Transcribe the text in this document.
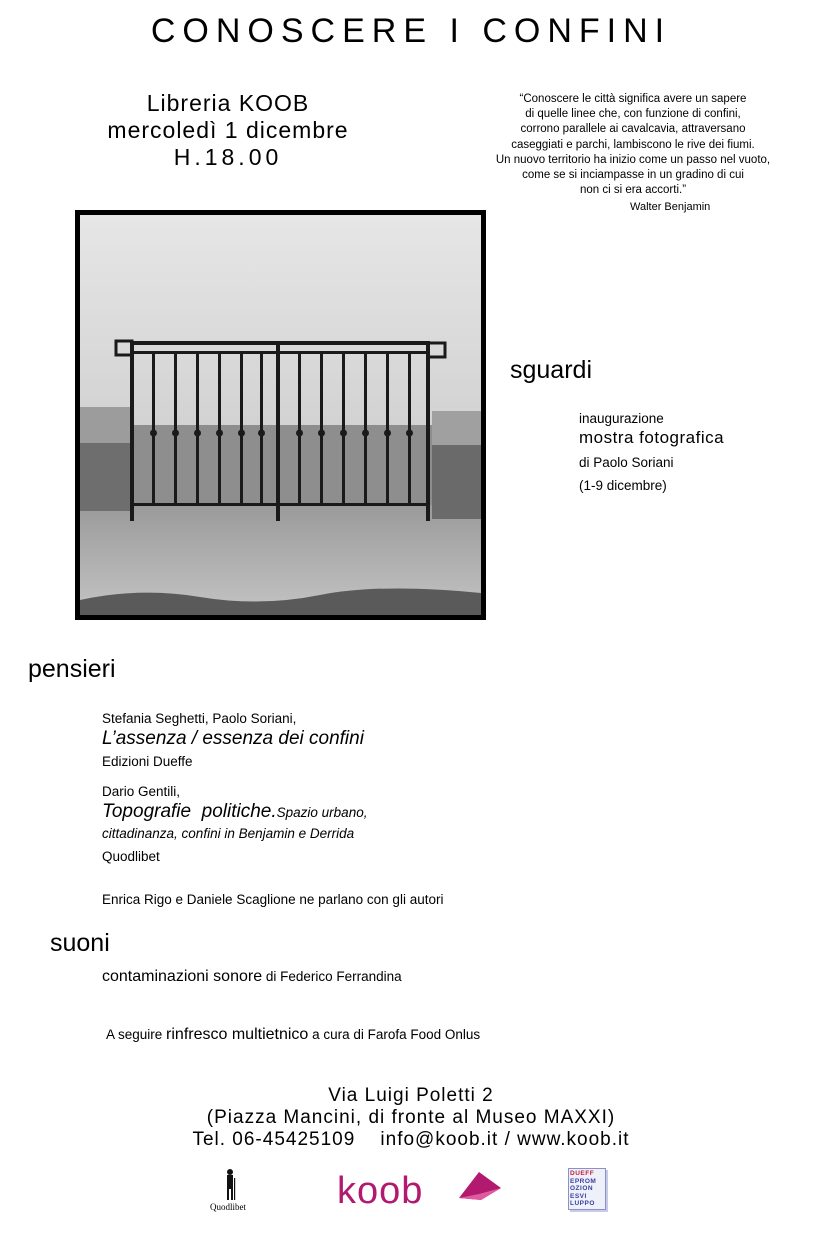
CONOSCERE I CONFINI
Libreria KOOB
mercoledì 1 dicembre
H.18.00
“Conoscere le città significa avere un sapere
di quelle linee che, con funzione di confini,
corrono parallele ai cavalcavia, attraversano
caseggiati e parchi, lambiscono le rive dei fiumi.
Un nuovo territorio ha inizio come un passo nel vuoto,
come se si inciampasse in un gradino di cui
non ci si era accorti.”
Walter Benjamin
sguardi
inaugurazione
mostra fotografica
di Paolo Soriani
(1-9 dicembre)
pensieri
Stefania Seghetti, Paolo Soriani,
L’assenza / essenza dei confini
Edizioni Dueffe
Dario Gentili,
Topografie  politiche.Spazio urbano,
cittadinanza, confini in Benjamin e Derrida
Quodlibet
Enrica Rigo e Daniele Scaglione ne parlano con gli autori
suoni
contaminazioni sonore di Federico Ferrandina
A seguire rinfresco multietnico a cura di Farofa Food Onlus
Via Luigi Poletti 2
(Piazza Mancini, di fronte al Museo MAXXI)
Tel. 06-45425109    info@koob.it / www.koob.it
Quodlibet koob	DUEFF
EPROM
OZION
ESVI
LUPPO
